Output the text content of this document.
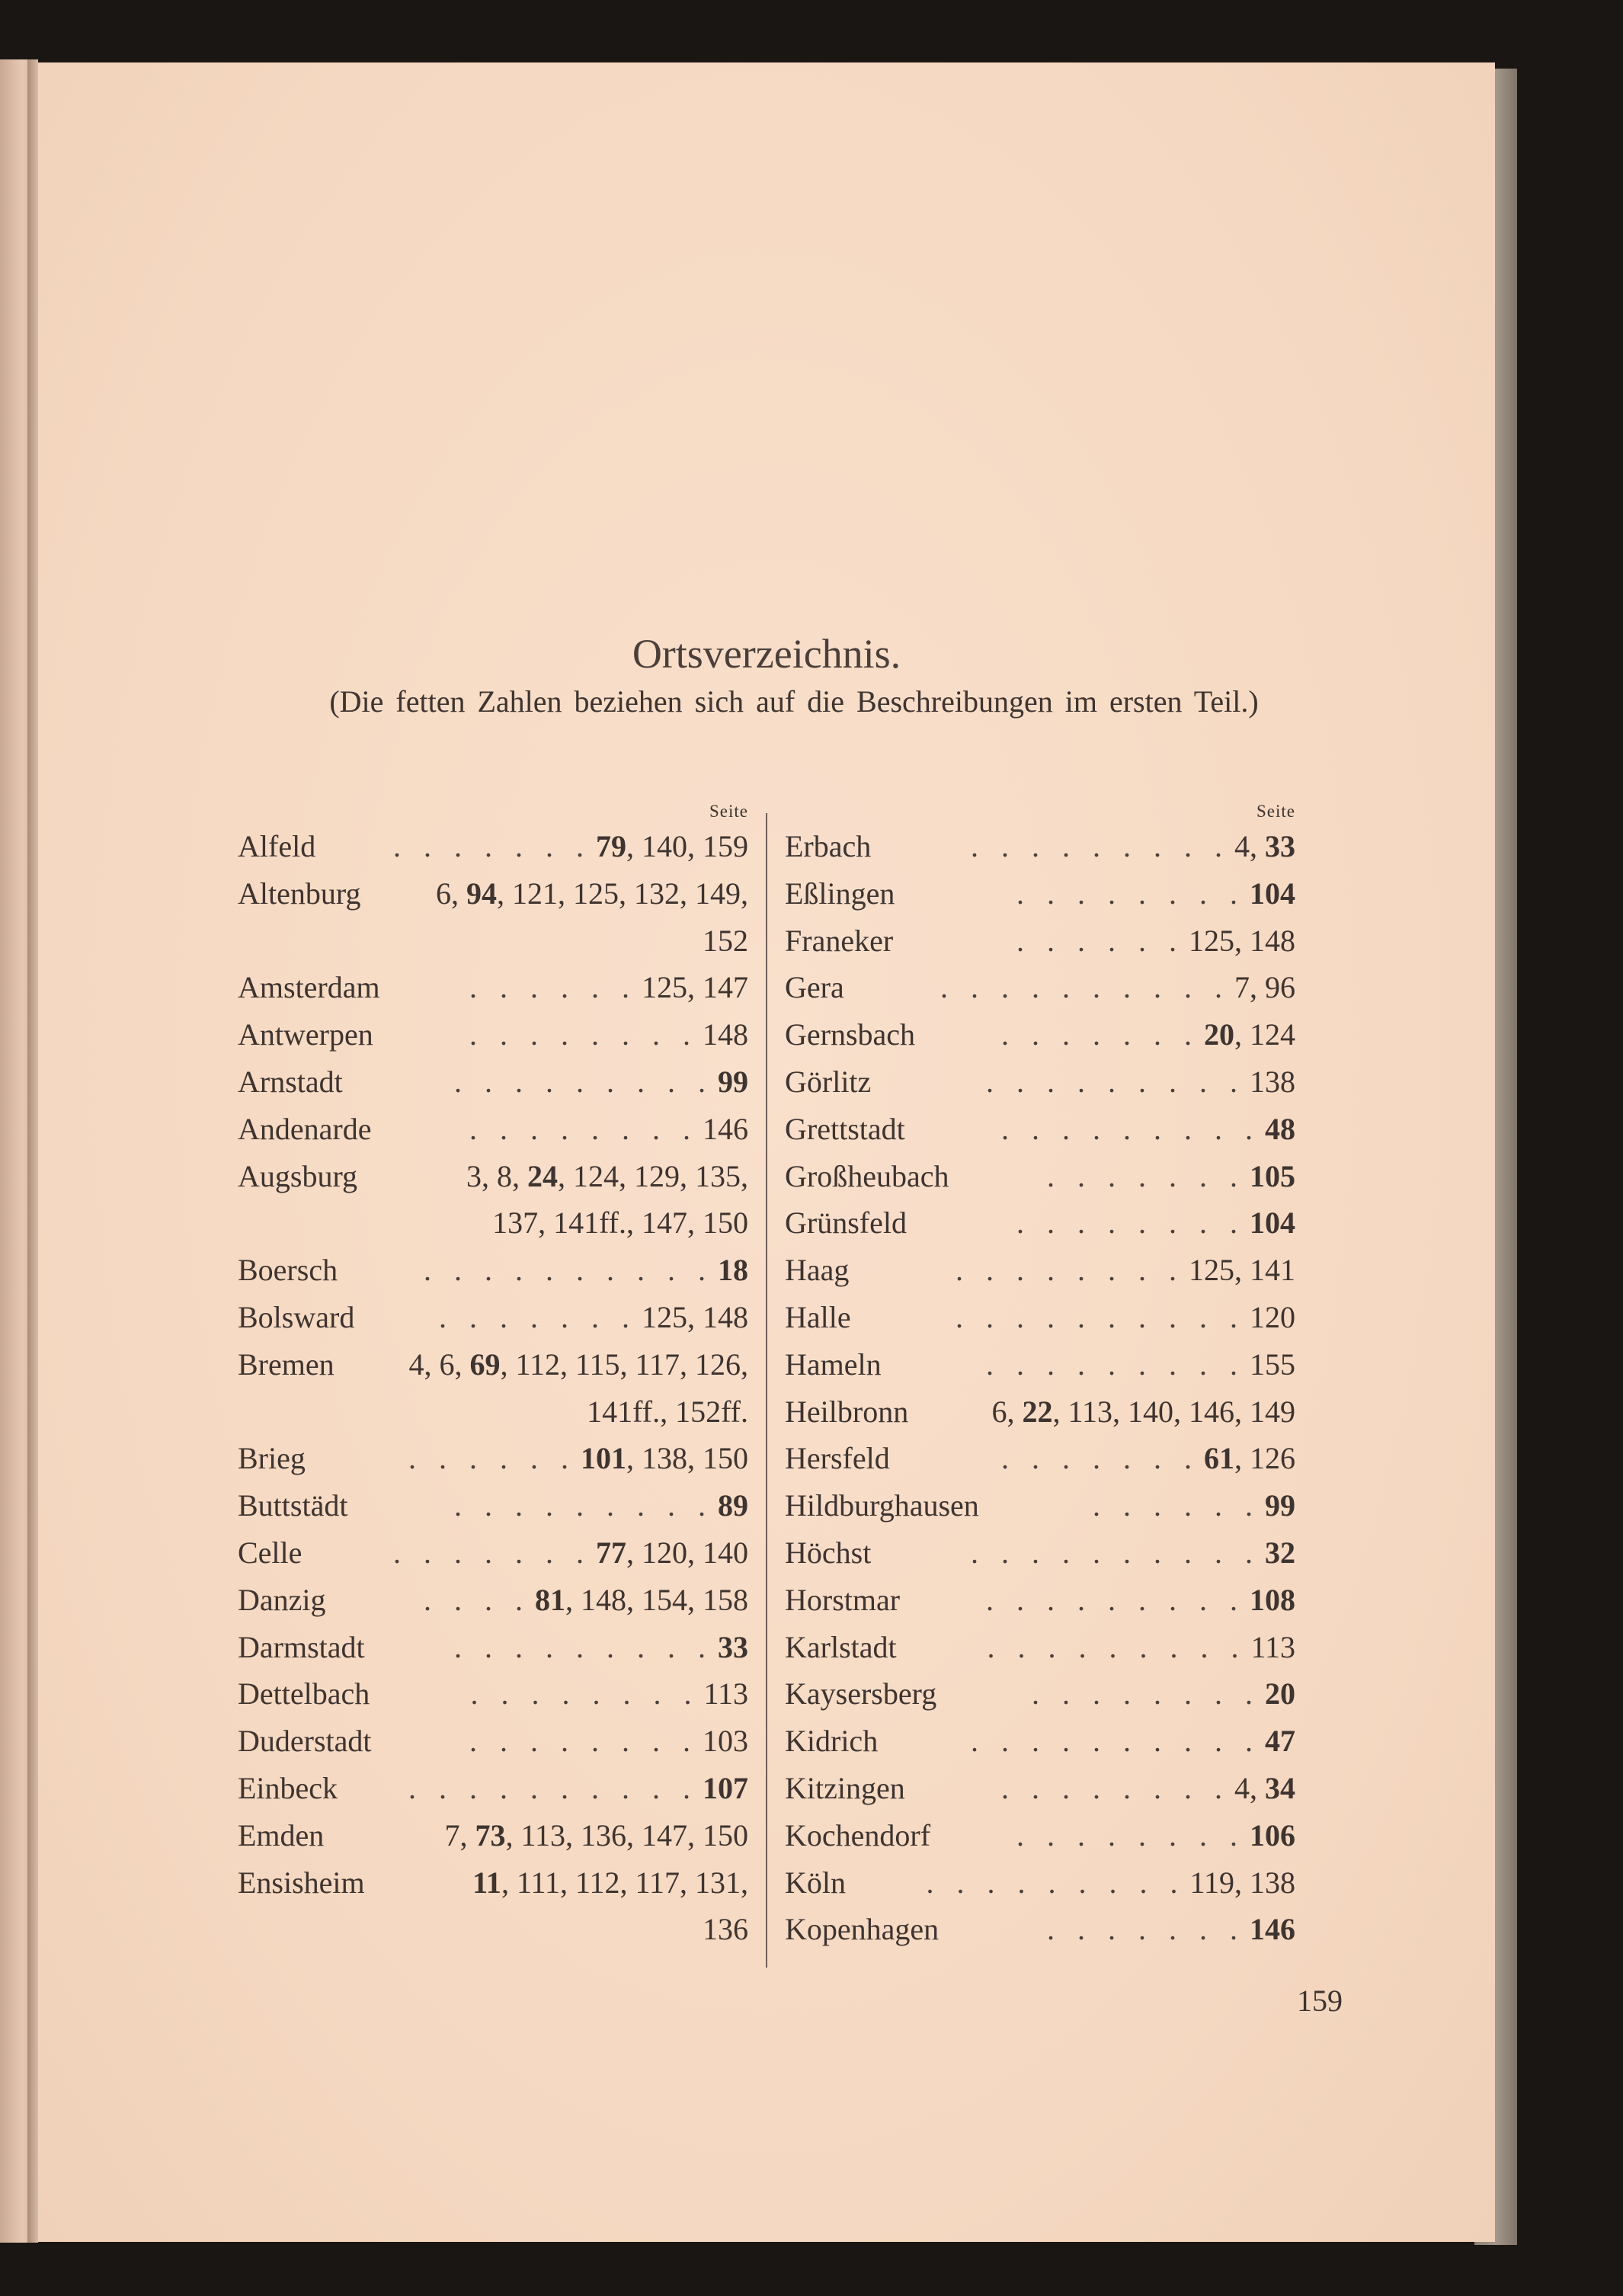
Ortsverzeichnis.
(Die fetten Zahlen beziehen sich auf die Beschreibungen im ersten Teil.)
Seite
Alfeld	. . . . . . . 79, 140, 159
Altenburg	6, 94, 121, 125, 132, 149,
152
Amsterdam	. . . . . . 125, 147
Antwerpen	. . . . . . . . 148
Arnstadt	. . . . . . . . . 99
Andenarde	. . . . . . . . 146
Augsburg	3, 8, 24, 124, 129, 135,
137, 141ff., 147, 150
Boersch	. . . . . . . . . . 18
Bolsward	. . . . . . . 125, 148
Bremen	4, 6, 69, 112, 115, 117, 126,
141ff., 152ff.
Brieg	. . . . . . 101, 138, 150
Buttstädt	. . . . . . . . . 89
Celle	. . . . . . . 77, 120, 140
Danzig	. . . . 81, 148, 154, 158
Darmstadt	. . . . . . . . . 33
Dettelbach	. . . . . . . . 113
Duderstadt	. . . . . . . . 103
Einbeck	. . . . . . . . . . 107
Emden	7, 73, 113, 136, 147, 150
Ensisheim	11, 111, 112, 117, 131,
136
Seite
Erbach	. . . . . . . . . 4, 33
Eßlingen	. . . . . . . . 104
Franeker	. . . . . . 125, 148
Gera	. . . . . . . . . . 7, 96
Gernsbach	. . . . . . . 20, 124
Görlitz	. . . . . . . . . 138
Grettstadt	. . . . . . . . . 48
Großheubach	. . . . . . . 105
Grünsfeld	. . . . . . . . 104
Haag	. . . . . . . . 125, 141
Halle	. . . . . . . . . . 120
Hameln	. . . . . . . . . 155
Heilbronn	6, 22, 113, 140, 146, 149
Hersfeld	. . . . . . . 61, 126
Hildburghausen	. . . . . . 99
Höchst	. . . . . . . . . . 32
Horstmar	. . . . . . . . . 108
Karlstadt	. . . . . . . . . 113
Kaysersberg	. . . . . . . . 20
Kidrich	. . . . . . . . . . 47
Kitzingen	. . . . . . . . 4, 34
Kochendorf	. . . . . . . . 106
Köln	. . . . . . . . . 119, 138
Kopenhagen	. . . . . . . 146
159
